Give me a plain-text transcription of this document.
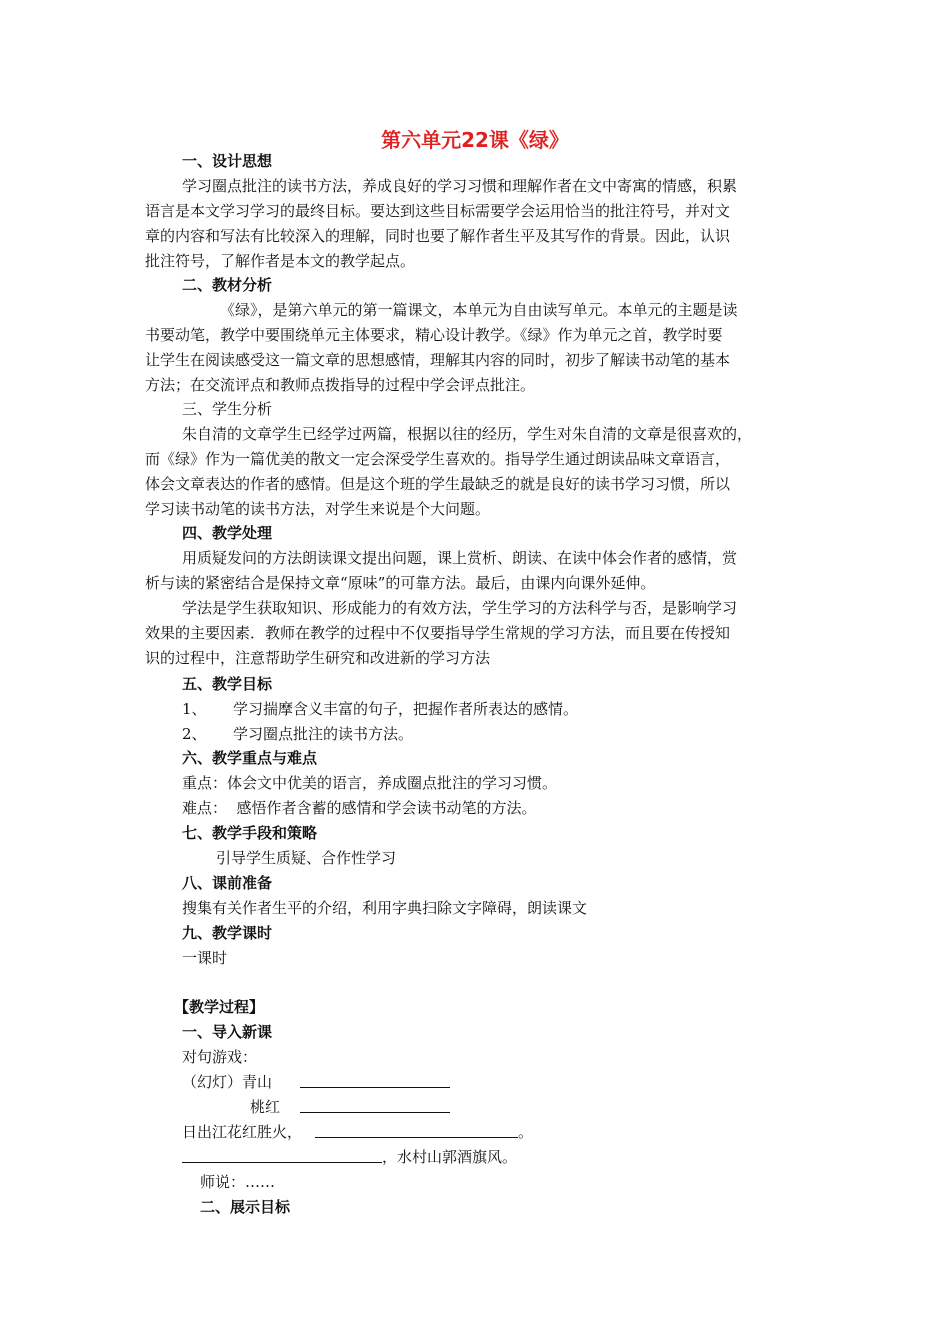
第六单元22课《绿》
一、设计思想
学习圈点批注的读书方法，养成良好的学习习惯和理解作者在文中寄寓的情感，积累
语言是本文学习学习的最终目标。要达到这些目标需要学会运用恰当的批注符号，并对文
章的内容和写法有比较深入的理解，同时也要了解作者生平及其写作的背景。因此，认识
批注符号，了解作者是本文的教学起点。
二、教材分析
《绿》，是第六单元的第一篇课文，本单元为自由读写单元。本单元的主题是读
书要动笔，教学中要围绕单元主体要求，精心设计教学。《绿》作为单元之首，教学时要
让学生在阅读感受这一篇文章的思想感情，理解其内容的同时，初步了解读书动笔的基本
方法；在交流评点和教师点拨指导的过程中学会评点批注。
三、学生分析
朱自清的文章学生已经学过两篇，根据以往的经历，学生对朱自清的文章是很喜欢的，
而《绿》作为一篇优美的散文一定会深受学生喜欢的。指导学生通过朗读品味文章语言，
体会文章表达的作者的感情。但是这个班的学生最缺乏的就是良好的读书学习习惯，所以
学习读书动笔的读书方法，对学生来说是个大问题。
四、教学处理
用质疑发问的方法朗读课文提出问题，课上赏析、朗读、在读中体会作者的感情，赏
析与读的紧密结合是保持文章“原味”的可靠方法。最后，由课内向课外延伸。
学法是学生获取知识、形成能力的有效方法，学生学习的方法科学与否，是影响学习
效果的主要因素．教师在教学的过程中不仅要指导学生常规的学习方法，而且要在传授知
识的过程中，注意帮助学生研究和改进新的学习方法
五、教学目标
1、 学习揣摩含义丰富的句子，把握作者所表达的感情。
2、 学习圈点批注的读书方法。
六、教学重点与难点
重点：体会文中优美的语言，养成圈点批注的学习习惯。
难点：  感悟作者含蓄的感情和学会读书动笔的方法。
七、教学手段和策略
引导学生质疑、合作性学习
八、课前准备
搜集有关作者生平的介绍，利用字典扫除文字障碍，朗读课文
九、教学课时
一课时
【教学过程】
一、导入新课
对句游戏：
（幻灯）青山
桃红
日出江花红胜火，	。
，水村山郭酒旗风。
师说：……
二、展示目标
